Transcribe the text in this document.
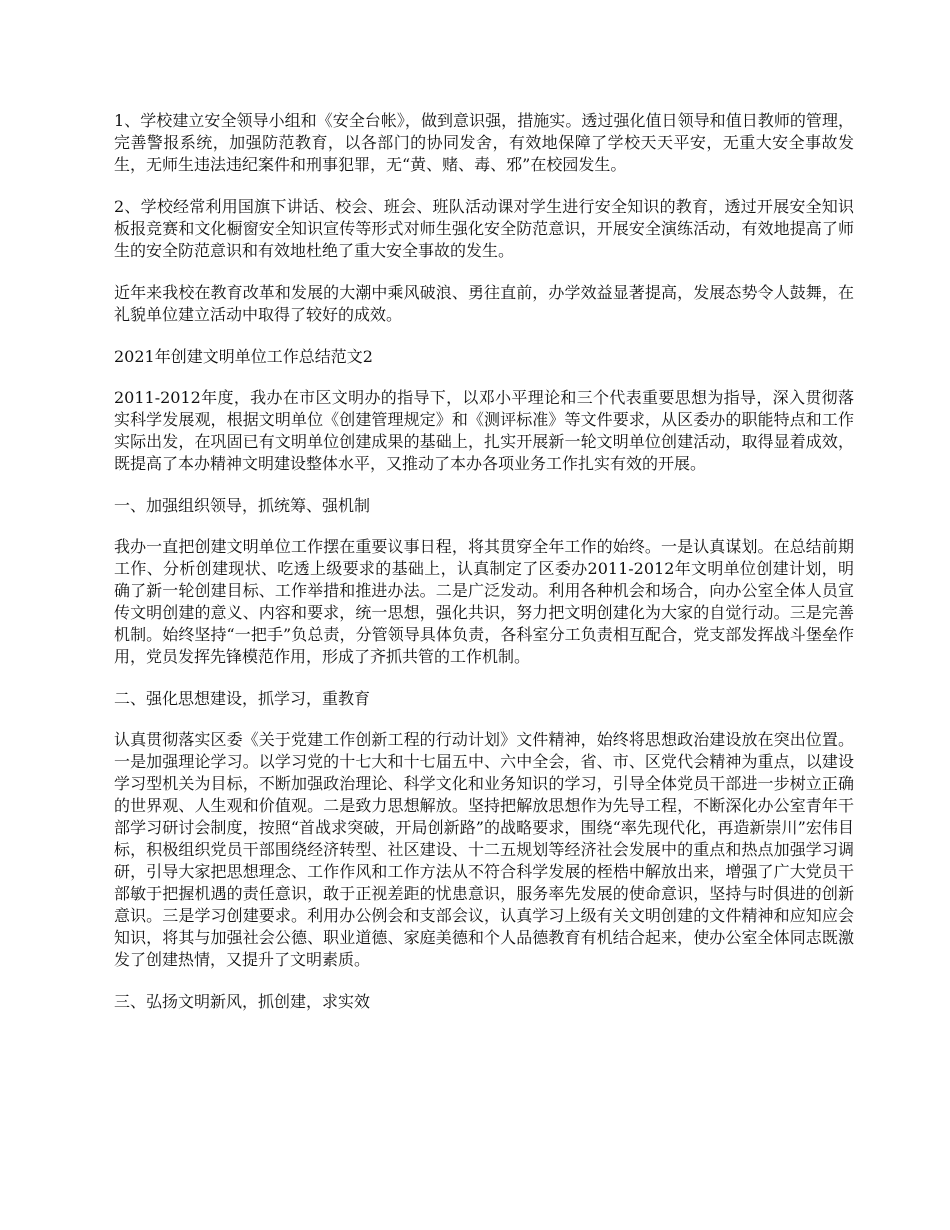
1、学校建立安全领导小组和《安全台帐》，做到意识强，措施实。透过强化值日领导和值日教师的管理，完善警报系统，加强防范教育，以各部门的协同发舍，有效地保障了学校天天平安，无重大安全事故发生，无师生违法违纪案件和刑事犯罪，无“黄、赌、毒、邪”在校园发生。

2、学校经常利用国旗下讲话、校会、班会、班队活动课对学生进行安全知识的教育，透过开展安全知识板报竞赛和文化橱窗安全知识宣传等形式对师生强化安全防范意识，开展安全演练活动，有效地提高了师生的安全防范意识和有效地杜绝了重大安全事故的发生。

近年来我校在教育改革和发展的大潮中乘风破浪、勇往直前，办学效益显著提高，发展态势令人鼓舞，在礼貌单位建立活动中取得了较好的成效。

2021年创建文明单位工作总结范文2

2011-2012年度，我办在市区文明办的指导下，以邓小平理论和三个代表重要思想为指导，深入贯彻落实科学发展观，根据文明单位《创建管理规定》和《测评标准》等文件要求，从区委办的职能特点和工作实际出发，在巩固已有文明单位创建成果的基础上，扎实开展新一轮文明单位创建活动，取得显着成效，既提高了本办精神文明建设整体水平，又推动了本办各项业务工作扎实有效的开展。

一、加强组织领导，抓统筹、强机制

我办一直把创建文明单位工作摆在重要议事日程，将其贯穿全年工作的始终。一是认真谋划。在总结前期工作、分析创建现状、吃透上级要求的基础上，认真制定了区委办2011-2012年文明单位创建计划，明确了新一轮创建目标、工作举措和推进办法。二是广泛发动。利用各种机会和场合，向办公室全体人员宣传文明创建的意义、内容和要求，统一思想，强化共识，努力把文明创建化为大家的自觉行动。三是完善机制。始终坚持“一把手”负总责，分管领导具体负责，各科室分工负责相互配合，党支部发挥战斗堡垒作用，党员发挥先锋模范作用，形成了齐抓共管的工作机制。

二、强化思想建设，抓学习，重教育

认真贯彻落实区委《关于党建工作创新工程的行动计划》文件精神，始终将思想政治建设放在突出位置。一是加强理论学习。以学习党的十七大和十七届五中、六中全会，省、市、区党代会精神为重点，以建设学习型机关为目标，不断加强政治理论、科学文化和业务知识的学习，引导全体党员干部进一步树立正确的世界观、人生观和价值观。二是致力思想解放。坚持把解放思想作为先导工程，不断深化办公室青年干部学习研讨会制度，按照“首战求突破，开局创新路”的战略要求，围绕“率先现代化，再造新崇川”宏伟目标，积极组织党员干部围绕经济转型、社区建设、十二五规划等经济社会发展中的重点和热点加强学习调研，引导大家把思想理念、工作作风和工作方法从不符合科学发展的桎梏中解放出来，增强了广大党员干部敏于把握机遇的责任意识，敢于正视差距的忧患意识，服务率先发展的使命意识，坚持与时俱进的创新意识。三是学习创建要求。利用办公例会和支部会议，认真学习上级有关文明创建的文件精神和应知应会知识，将其与加强社会公德、职业道德、家庭美德和个人品德教育有机结合起来，使办公室全体同志既激发了创建热情，又提升了文明素质。

三、弘扬文明新风，抓创建，求实效
